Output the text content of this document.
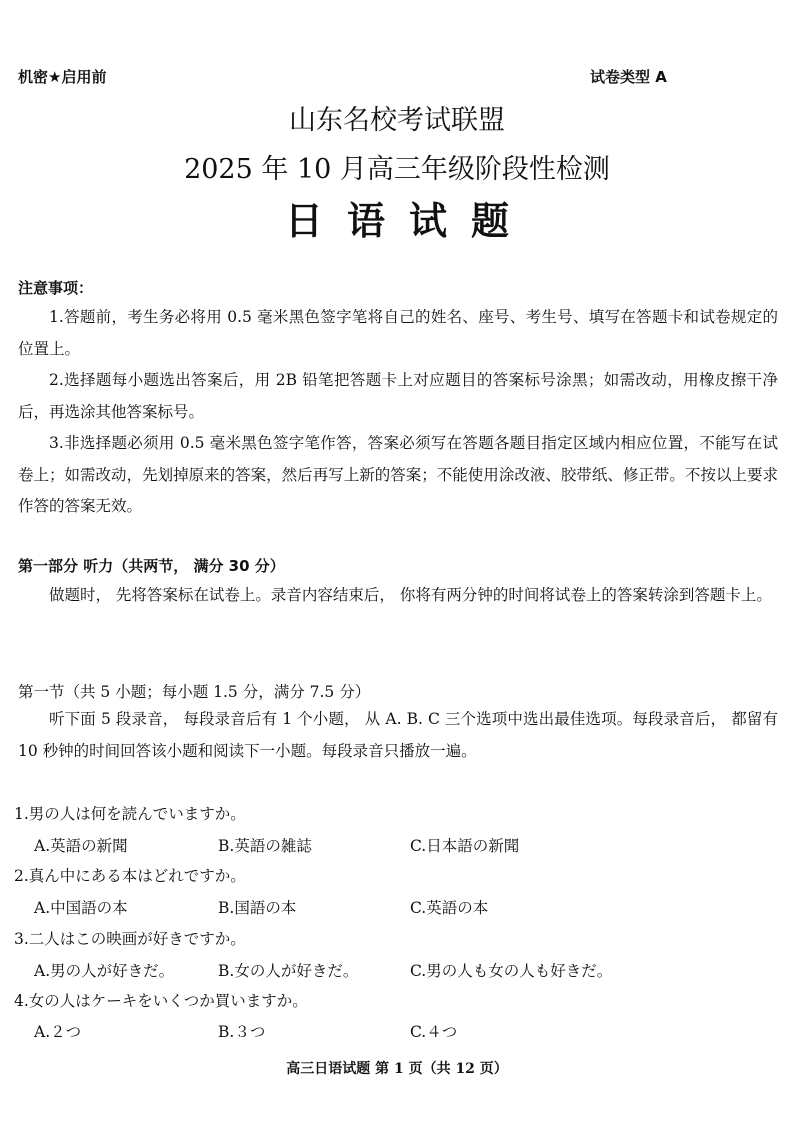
机密★启用前	试卷类型 A
山东名校考试联盟
2025 年 10 月高三年级阶段性检测
日语试题
注意事项：
1.答题前，考生务必将用 0.5 毫米黑色签字笔将自己的姓名、座号、考生号、填写在答题卡和试卷规定的位置上。
2.选择题每小题选出答案后，用 2B 铅笔把答题卡上对应题目的答案标号涂黑；如需改动，用橡皮擦干净后，再选涂其他答案标号。
3.非选择题必须用 0.5 毫米黑色签字笔作答，答案必须写在答题各题目指定区域内相应位置，不能写在试卷上；如需改动，先划掉原来的答案，然后再写上新的答案；不能使用涂改液、胶带纸、修正带。不按以上要求作答的答案无效。
第一部分 听力（共两节， 满分 30 分）
做题时， 先将答案标在试卷上。录音内容结束后， 你将有两分钟的时间将试卷上的答案转涂到答题卡上。
第一节（共 5 小题；每小题 1.5 分，满分 7.5 分）
听下面 5 段录音， 每段录音后有 1 个小题， 从 A. B. C 三个选项中选出最佳选项。每段录音后， 都留有 10 秒钟的时间回答该小题和阅读下一小题。每段录音只播放一遍。
1.男の人は何を読んでいますか。
A.英語の新聞	B.英語の雑誌	C.日本語の新聞
2.真ん中にある本はどれですか。
A.中国語の本	B.国語の本	C.英語の本
3.二人はこの映画が好きですか。
A.男の人が好きだ。	B.女の人が好きだ。	C.男の人も女の人も好きだ。
4.女の人はケーキをいくつか買いますか。
A.２つ	B.３つ	C.４つ
高三日语试题 第 1 页（共 12 页）
